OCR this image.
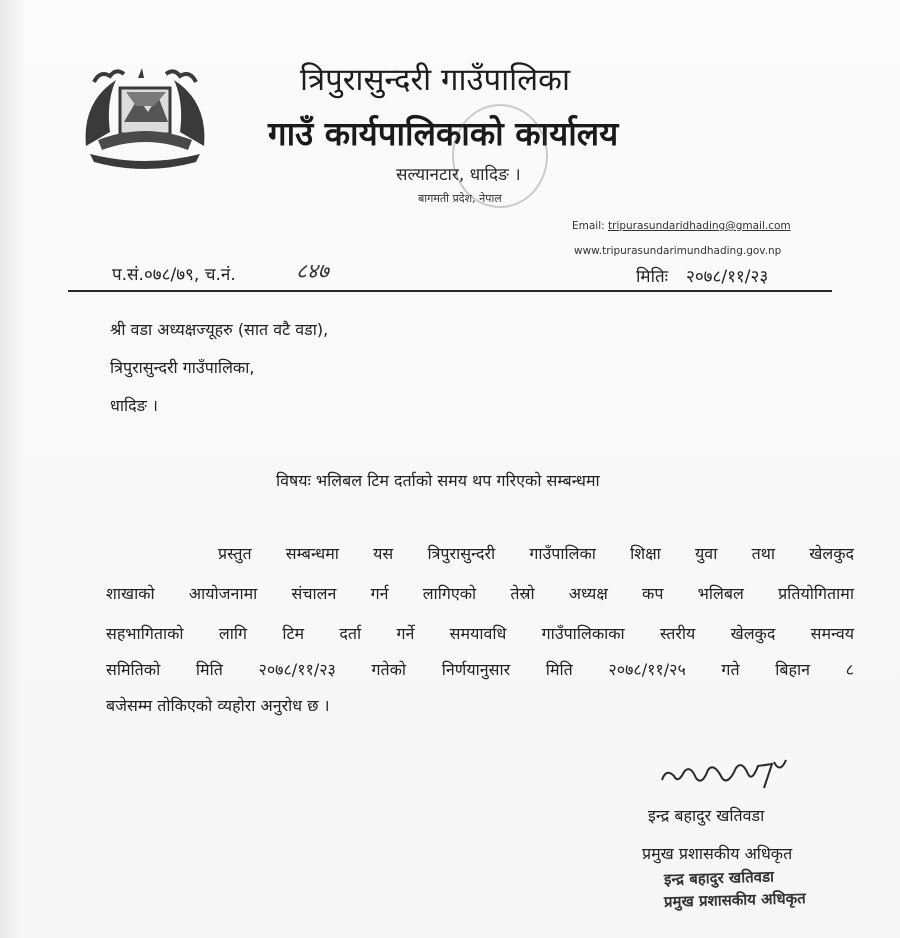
त्रिपुरासुन्दरी गाउँपालिका
गाउँ कार्यपालिकाको कार्यालय
सल्यानटार, धादिङ ।
बागमती प्रदेश, नेपाल
Email: tripurasundaridhading@gmail.com
www.tripurasundarimundhading.gov.np
प.सं.०७८/७९, च.नं.	८४७	मितिः २०७८/११/२३
श्री वडा अध्यक्षज्यूहरु (सात वटै वडा),
त्रिपुरासुन्दरी गाउँपालिका,
धादिङ ।
विषयः भलिबल टिम दर्ताको समय थप गरिएको सम्बन्धमा
प्रस्तुत सम्बन्धमा यस त्रिपुरासुन्दरी गाउँपालिका शिक्षा युवा तथा खेलकुद
शाखाको आयोजनामा संचालन गर्न लागिएको तेस्रो अध्यक्ष कप भलिबल प्रतियोगितामा
सहभागिताको लागि टिम दर्ता गर्ने समयावधि गाउँपालिकाका स्तरीय खेलकुद समन्वय
समितिको मिति २०७८/११/२३ गतेको निर्णयानुसार मिति २०७८/११/२५ गते बिहान ८
बजेसम्म तोकिएको व्यहोरा अनुरोध छ ।
इन्द्र बहादुर खतिवडा
प्रमुख प्रशासकीय अधिकृत
इन्द्र बहादुर खतिवडा
प्रमुख प्रशासकीय अधिकृत
